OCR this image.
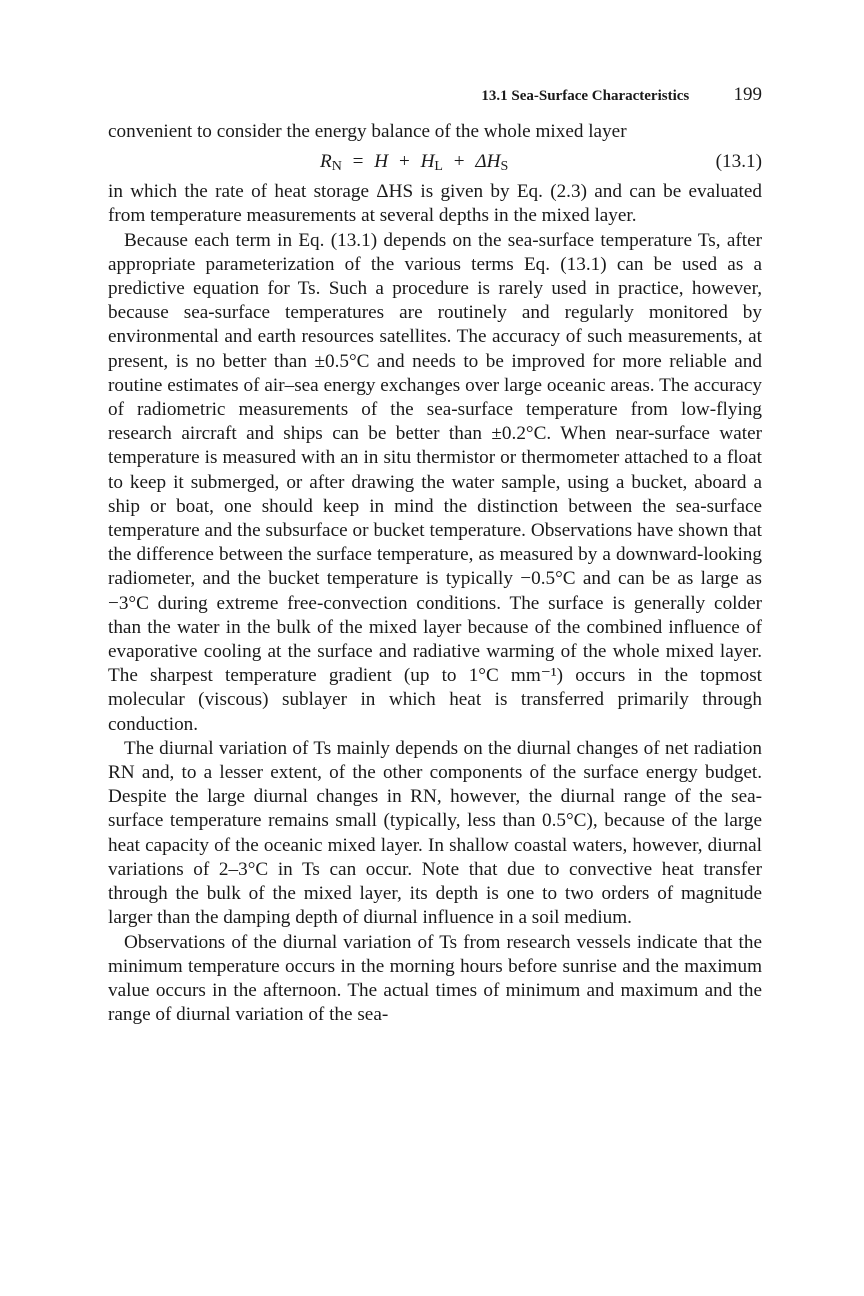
13.1 Sea-Surface Characteristics 199

convenient to consider the energy balance of the whole mixed layer

$R_N = H + H_L + \Delta H_S$	(13.1)

in which the rate of heat storage ΔHS is given by Eq. (2.3) and can be evaluated from temperature measurements at several depths in the mixed layer.

Because each term in Eq. (13.1) depends on the sea-surface temperature Ts, after appropriate parameterization of the various terms Eq. (13.1) can be used as a predictive equation for Ts. Such a procedure is rarely used in practice, however, because sea-surface temperatures are routinely and regularly monitored by environmental and earth resources satellites. The accuracy of such measurements, at present, is no better than ±0.5°C and needs to be improved for more reliable and routine estimates of air–sea energy exchanges over large oceanic areas. The accuracy of radiometric measurements of the sea-surface temperature from low-flying research aircraft and ships can be better than ±0.2°C. When near-surface water temperature is measured with an in situ thermistor or thermometer attached to a float to keep it submerged, or after drawing the water sample, using a bucket, aboard a ship or boat, one should keep in mind the distinction between the sea-surface temperature and the subsurface or bucket temperature. Observations have shown that the difference between the surface temperature, as measured by a downward-looking radiometer, and the bucket temperature is typically −0.5°C and can be as large as −3°C during extreme free-convection conditions. The surface is generally colder than the water in the bulk of the mixed layer because of the combined influence of evaporative cooling at the surface and radiative warming of the whole mixed layer. The sharpest temperature gradient (up to 1°C mm⁻¹) occurs in the topmost molecular (viscous) sublayer in which heat is transferred primarily through conduction.

The diurnal variation of Ts mainly depends on the diurnal changes of net radiation RN and, to a lesser extent, of the other components of the surface energy budget. Despite the large diurnal changes in RN, however, the diurnal range of the sea-surface temperature remains small (typically, less than 0.5°C), because of the large heat capacity of the oceanic mixed layer. In shallow coastal waters, however, diurnal variations of 2–3°C in Ts can occur. Note that due to convective heat transfer through the bulk of the mixed layer, its depth is one to two orders of magnitude larger than the damping depth of diurnal influence in a soil medium.

Observations of the diurnal variation of Ts from research vessels indicate that the minimum temperature occurs in the morning hours before sunrise and the maximum value occurs in the afternoon. The actual times of minimum and maximum and the range of diurnal variation of the sea-
